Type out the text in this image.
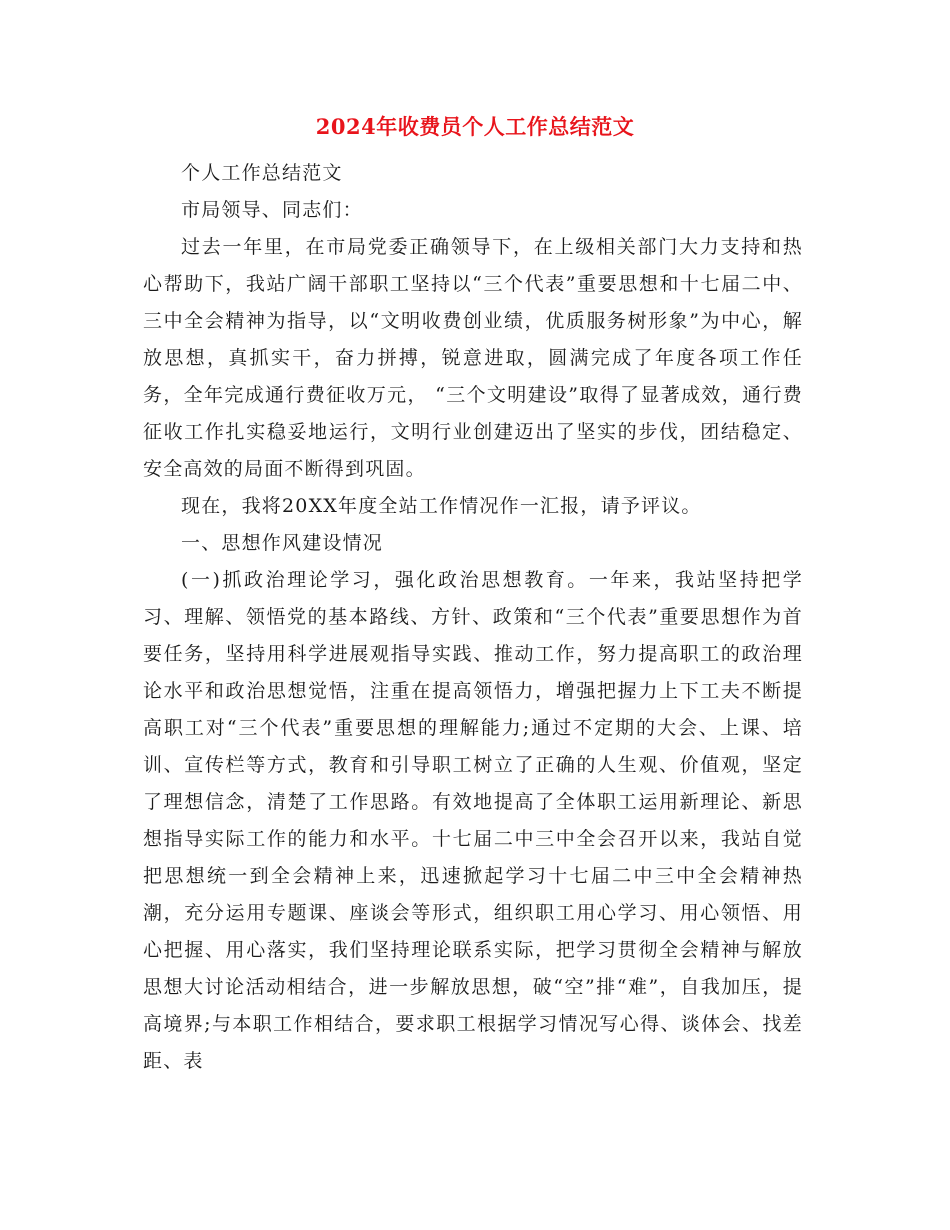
2024年收费员个人工作总结范文

个人工作总结范文

市局领导、同志们：

过去一年里，在市局党委正确领导下，在上级相关部门大力支持和热心帮助下，我站广阔干部职工坚持以“三个代表”重要思想和十七届二中、三中全会精神为指导，以“文明收费创业绩，优质服务树形象”为中心，解放思想，真抓实干，奋力拼搏，锐意进取，圆满完成了年度各项工作任务，全年完成通行费征收万元， “三个文明建设”取得了显著成效，通行费征收工作扎实稳妥地运行，文明行业创建迈出了坚实的步伐，团结稳定、安全高效的局面不断得到巩固。

现在，我将20XX年度全站工作情况作一汇报，请予评议。

一、思想作风建设情况

(一)抓政治理论学习，强化政治思想教育。一年来，我站坚持把学习、理解、领悟党的基本路线、方针、政策和“三个代表”重要思想作为首要任务，坚持用科学进展观指导实践、推动工作，努力提高职工的政治理论水平和政治思想觉悟，注重在提高领悟力，增强把握力上下工夫不断提高职工对“三个代表”重要思想的理解能力;通过不定期的大会、上课、培训、宣传栏等方式，教育和引导职工树立了正确的人生观、价值观，坚定了理想信念，清楚了工作思路。有效地提高了全体职工运用新理论、新思想指导实际工作的能力和水平。十七届二中三中全会召开以来，我站自觉把思想统一到全会精神上来，迅速掀起学习十七届二中三中全会精神热潮，充分运用专题课、座谈会等形式，组织职工用心学习、用心领悟、用心把握、用心落实，我们坚持理论联系实际，把学习贯彻全会精神与解放思想大讨论活动相结合，进一步解放思想，破“空”排“难”，自我加压，提高境界;与本职工作相结合，要求职工根据学习情况写心得、谈体会、找差距、表
